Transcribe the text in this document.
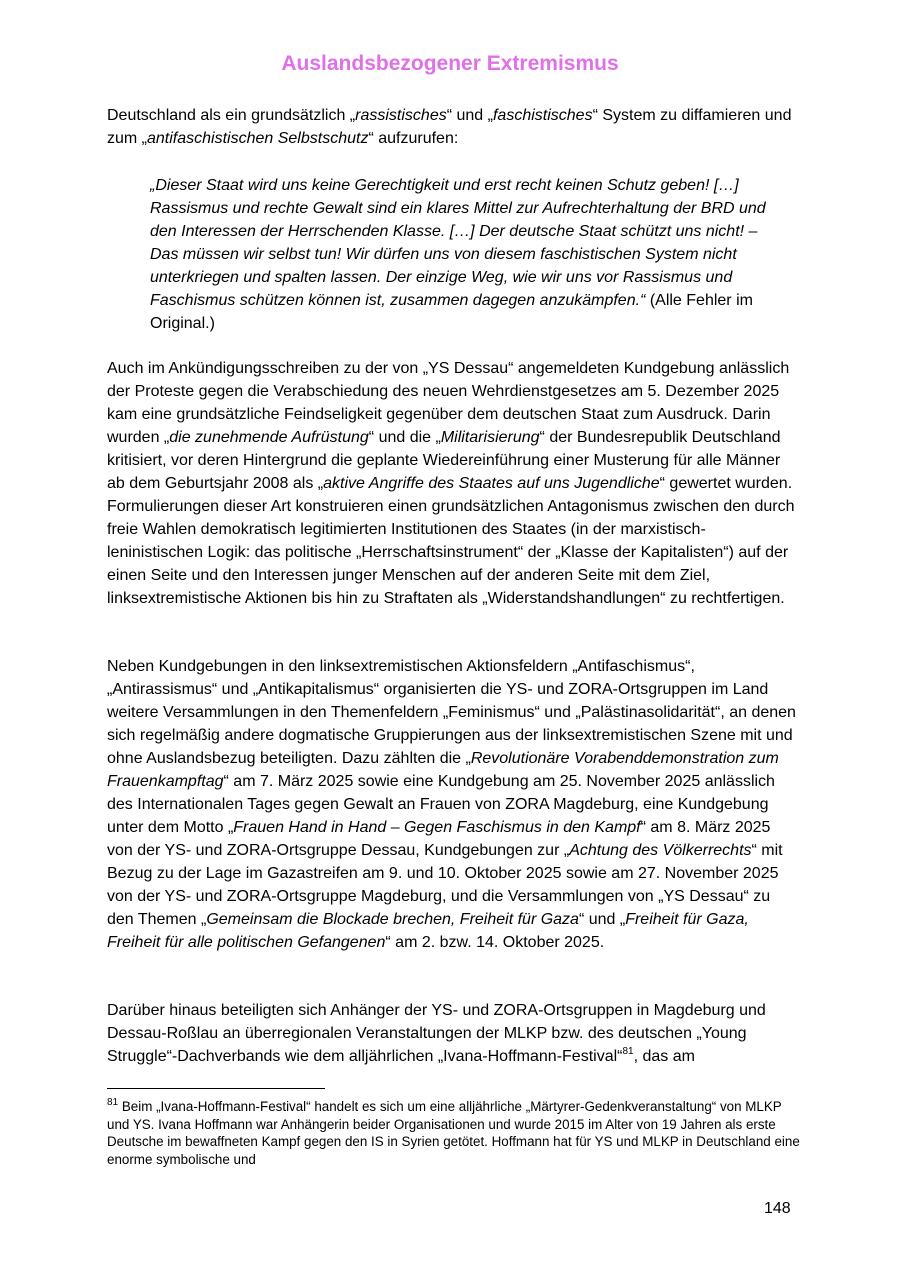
Auslandsbezogener Extremismus

Deutschland als ein grundsätzlich „rassistisches“ und „faschistisches“ System zu diffamieren und zum „antifaschistischen Selbstschutz“ aufzurufen:

„Dieser Staat wird uns keine Gerechtigkeit und erst recht keinen Schutz geben! […] Rassismus und rechte Gewalt sind ein klares Mittel zur Aufrechterhaltung der BRD und den Interessen der Herrschenden Klasse. […] Der deutsche Staat schützt uns nicht! – Das müssen wir selbst tun! Wir dürfen uns von diesem faschistischen System nicht unterkriegen und spalten lassen. Der einzige Weg, wie wir uns vor Rassismus und Faschismus schützen können ist, zusammen dagegen anzukämpfen.“ (Alle Fehler im Original.)

Auch im Ankündigungsschreiben zu der von „YS Dessau“ angemeldeten Kundgebung anlässlich der Proteste gegen die Verabschiedung des neuen Wehrdienstgesetzes am 5. Dezember 2025 kam eine grundsätzliche Feindseligkeit gegenüber dem deutschen Staat zum Ausdruck. Darin wurden „die zunehmende Aufrüstung“ und die „Militarisierung“ der Bundesrepublik Deutschland kritisiert, vor deren Hintergrund die geplante Wiedereinführung einer Musterung für alle Männer ab dem Geburtsjahr 2008 als „aktive Angriffe des Staates auf uns Jugendliche“ gewertet wurden. Formulierungen dieser Art konstruieren einen grundsätzlichen Antagonismus zwischen den durch freie Wahlen demokratisch legitimierten Institutionen des Staates (in der marxistisch-leninistischen Logik: das politische „Herrschaftsinstrument“ der „Klasse der Kapitalisten“) auf der einen Seite und den Interessen junger Menschen auf der anderen Seite mit dem Ziel, linksextremistische Aktionen bis hin zu Straftaten als „Widerstandshandlungen“ zu rechtfertigen.

Neben Kundgebungen in den linksextremistischen Aktionsfeldern „Antifaschismus“, „Antirassismus“ und „Antikapitalismus“ organisierten die YS- und ZORA-Ortsgruppen im Land weitere Versammlungen in den Themenfeldern „Feminismus“ und „Palästinasolidarität“, an denen sich regelmäßig andere dogmatische Gruppierungen aus der linksextremistischen Szene mit und ohne Auslandsbezug beteiligten. Dazu zählten die „Revolutionäre Vorabenddemonstration zum Frauenkampftag“ am 7. März 2025 sowie eine Kundgebung am 25. November 2025 anlässlich des Internationalen Tages gegen Gewalt an Frauen von ZORA Magdeburg, eine Kundgebung unter dem Motto „Frauen Hand in Hand – Gegen Faschismus in den Kampf“ am 8. März 2025 von der YS- und ZORA-Ortsgruppe Dessau, Kundgebungen zur „Achtung des Völkerrechts“ mit Bezug zu der Lage im Gazastreifen am 9. und 10. Oktober 2025 sowie am 27. November 2025 von der YS- und ZORA-Ortsgruppe Magdeburg, und die Versammlungen von „YS Dessau“ zu den Themen „Gemeinsam die Blockade brechen, Freiheit für Gaza“ und „Freiheit für Gaza, Freiheit für alle politischen Gefangenen“ am 2. bzw. 14. Oktober 2025.

Darüber hinaus beteiligten sich Anhänger der YS- und ZORA-Ortsgruppen in Magdeburg und Dessau-Roßlau an überregionalen Veranstaltungen der MLKP bzw. des deutschen „Young Struggle“-Dachverbands wie dem alljährlichen „Ivana-Hoffmann-Festival“$^{81}$, das am

$^{81}$ Beim „Ivana-Hoffmann-Festival“ handelt es sich um eine alljährliche „Märtyrer-Gedenkveranstaltung“ von MLKP und YS. Ivana Hoffmann war Anhängerin beider Organisationen und wurde 2015 im Alter von 19 Jahren als erste Deutsche im bewaffneten Kampf gegen den IS in Syrien getötet. Hoffmann hat für YS und MLKP in Deutschland eine enorme symbolische und
148
